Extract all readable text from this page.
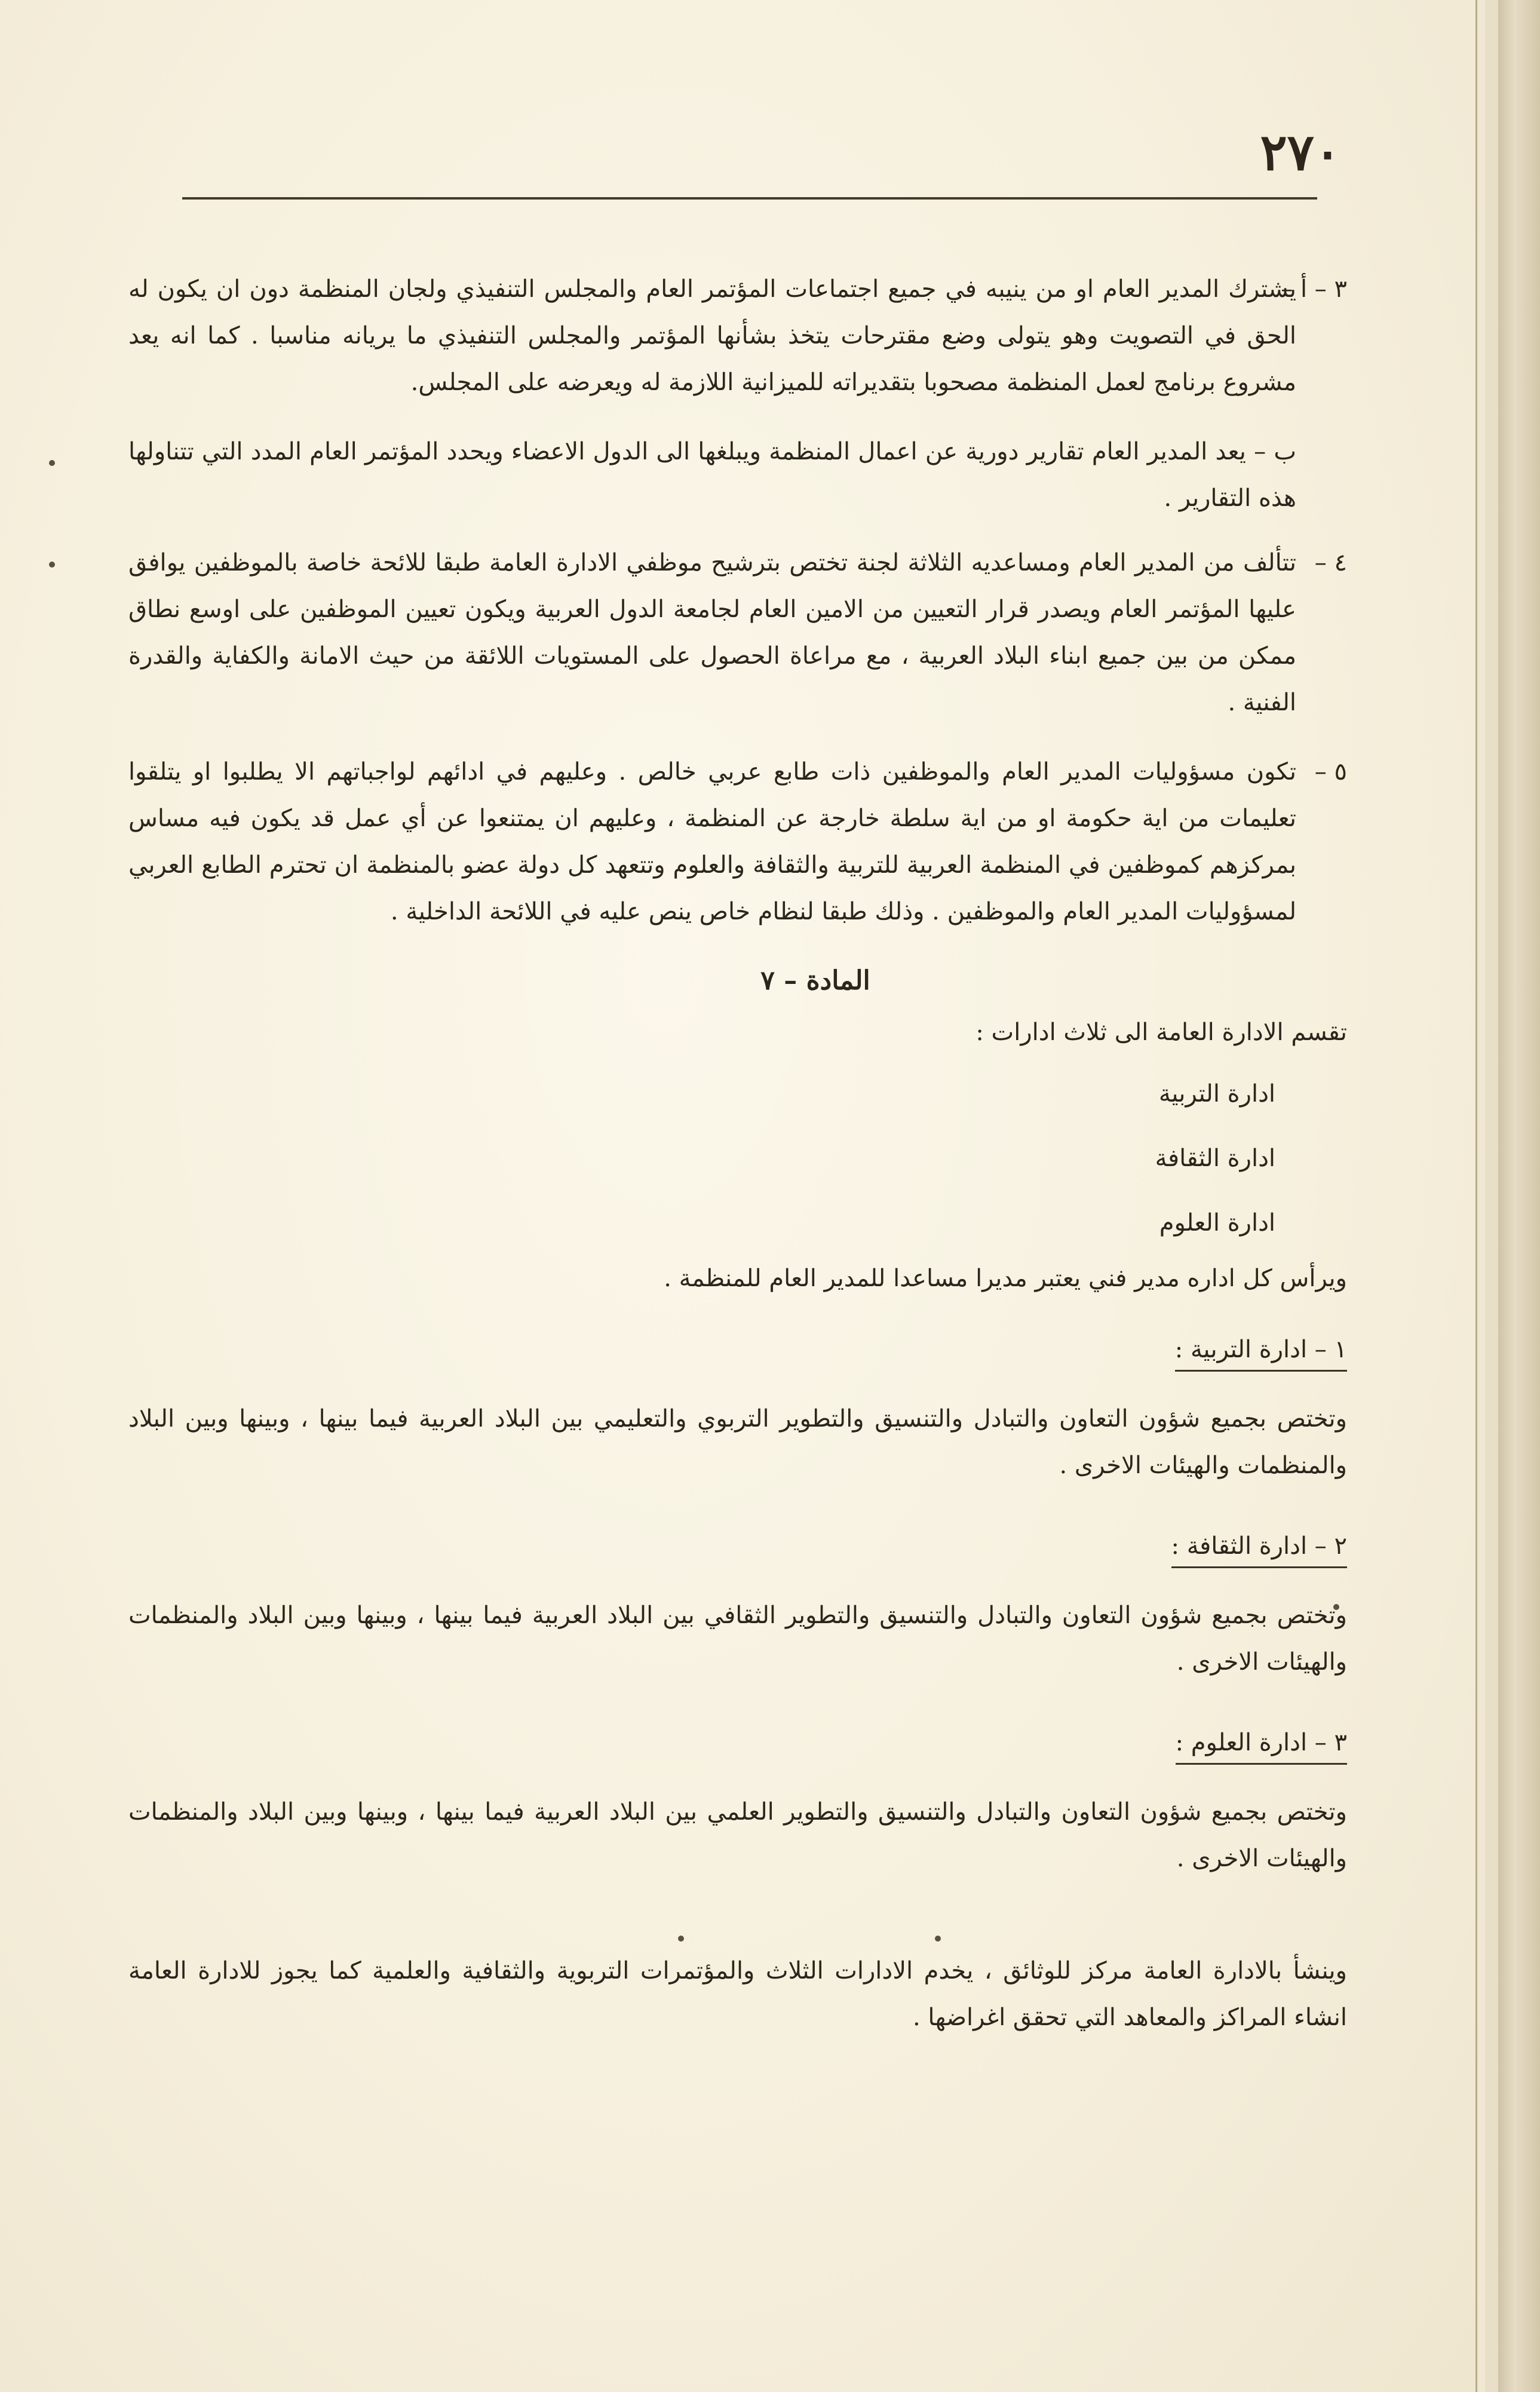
٢٧٠
٣ – أ –
يشترك المدير العام او من ينيبه في جميع اجتماعات المؤتمر العام والمجلس التنفيذي ولجان المنظمة دون ان يكون له الحق في التصويت وهو يتولى وضع مقترحات يتخذ بشأنها المؤتمر والمجلس التنفيذي ما يريانه مناسبا . كما انه يعد مشروع برنامج لعمل المنظمة مصحوبا بتقديراته للميزانية اللازمة له ويعرضه على المجلس.
ب – يعد المدير العام تقارير دورية عن اعمال المنظمة ويبلغها الى الدول الاعضاء ويحدد المؤتمر العام المدد التي تتناولها هذه التقارير .
٤ –
تتألف من المدير العام ومساعديه الثلاثة لجنة تختص بترشيح موظفي الادارة العامة طبقا للائحة خاصة بالموظفين يوافق عليها المؤتمر العام ويصدر قرار التعيين من الامين العام لجامعة الدول العربية ويكون تعيين الموظفين على اوسع نطاق ممكن من بين جميع ابناء البلاد العربية ، مع مراعاة الحصول على المستويات اللائقة من حيث الامانة والكفاية والقدرة الفنية .
٥ –
تكون مسؤوليات المدير العام والموظفين ذات طابع عربي خالص . وعليهم في ادائهم لواجباتهم الا يطلبوا او يتلقوا تعليمات من اية حكومة او من اية سلطة خارجة عن المنظمة ، وعليهم ان يمتنعوا عن أي عمل قد يكون فيه مساس بمركزهم كموظفين في المنظمة العربية للتربية والثقافة والعلوم وتتعهد كل دولة عضو بالمنظمة ان تحترم الطابع العربي لمسؤوليات المدير العام والموظفين . وذلك طبقا لنظام خاص ينص عليه في اللائحة الداخلية .
المادة – ٧
تقسم الادارة العامة الى ثلاث ادارات :
ادارة التربية
ادارة الثقافة
ادارة العلوم
ويرأس كل اداره مدير فني يعتبر مديرا مساعدا للمدير العام للمنظمة .
١ – ادارة التربية :
وتختص بجميع شؤون التعاون والتبادل والتنسيق والتطوير التربوي والتعليمي بين البلاد العربية فيما بينها ، وبينها وبين البلاد والمنظمات والهيئات الاخرى .
٢ – ادارة الثقافة :
وتختص بجميع شؤون التعاون والتبادل والتنسيق والتطوير الثقافي بين البلاد العربية فيما بينها ، وبينها وبين البلاد والمنظمات والهيئات الاخرى .
٣ – ادارة العلوم :
وتختص بجميع شؤون التعاون والتبادل والتنسيق والتطوير العلمي بين البلاد العربية فيما بينها ، وبينها وبين البلاد والمنظمات والهيئات الاخرى .
وينشأ بالادارة العامة مركز للوثائق ، يخدم الادارات الثلاث والمؤتمرات التربوية والثقافية والعلمية كما يجوز للادارة العامة انشاء المراكز والمعاهد التي تحقق اغراضها .
